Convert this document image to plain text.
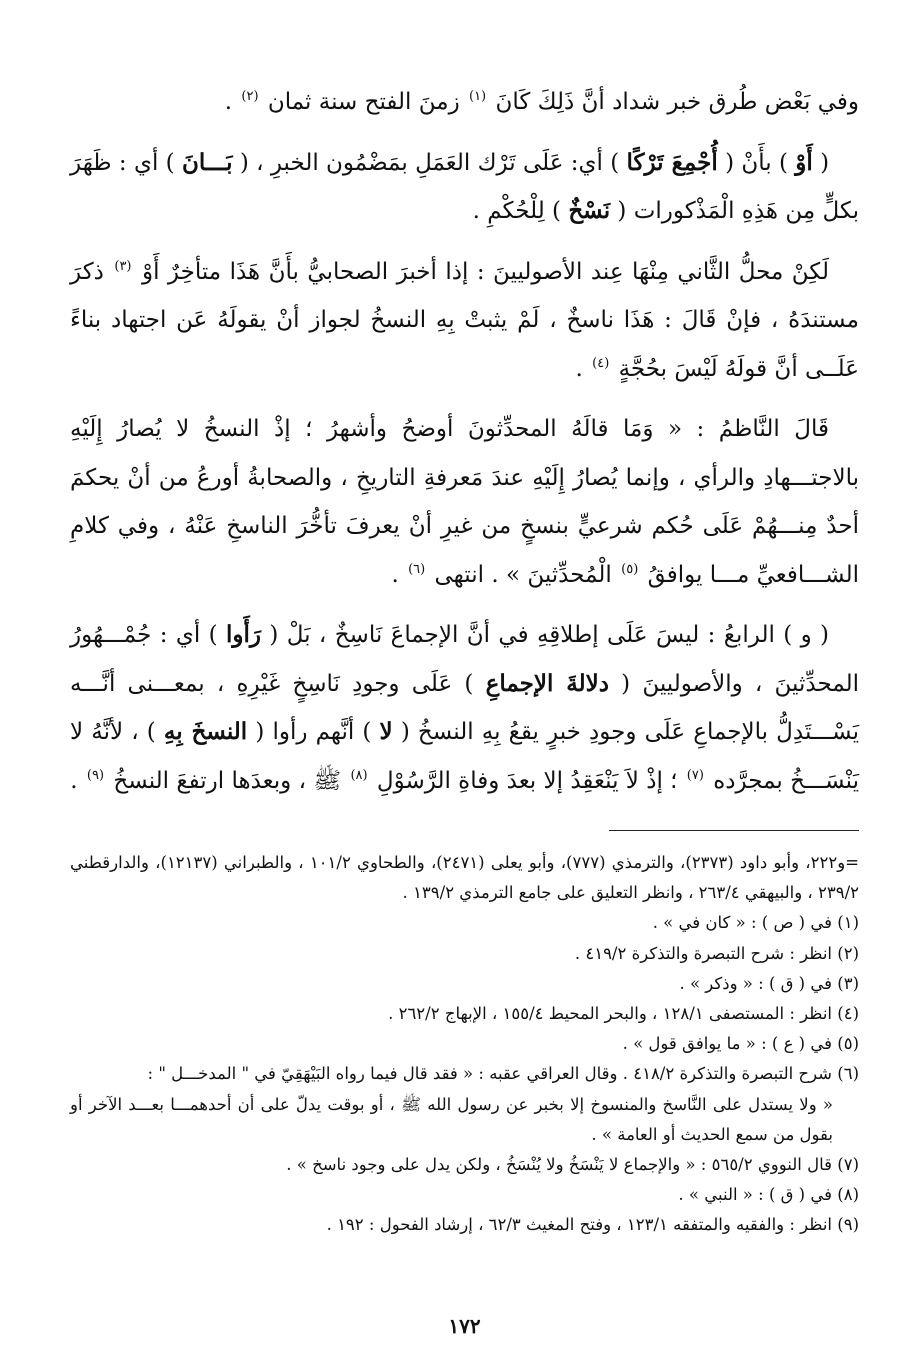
وفي بَعْض طُرق خبر شداد أنَّ ذَلِكَ كَانَ $^{(١)}$ زمنَ الفتح سنة ثمان $^{(٢)}$ .

( أَوْ ) بأَنْ ( أُجْمِعَ تَرْكًا ) أي: عَلَى تَرْك العَمَلِ بمَضْمُون الخبرِ ، ( بَـــانَ ) أي : ظَهَرَ بكلٍّ مِن هَذِهِ الْمَذْكورات ( نَسْخٌ ) لِلْحُكْمِ .

لَكِنْ محلُّ الثَّاني مِنْهَا عِند الأصوليينَ : إذا أخبرَ الصحابيُّ بأَنَّ هَذَا متأخِرٌ أَوْ $^{(٣)}$ ذكرَ مستندَهُ ، فإنْ قَالَ : هَذَا ناسخٌ ، لَمْ يثبتْ بِهِ النسخُ لجواز أنْ يقولَهُ عَن اجتهاد بناءً عَلَــى أنَّ قولَهُ لَيْسَ بحُجَّةٍ $^{(٤)}$ .

قَالَ النَّاظمُ : « وَمَا قالَهُ المحدِّثونَ أوضحُ وأشهرُ ؛ إذْ النسخُ لا يُصارُ إِلَيْهِ بالاجتـــهادِ والرأي ، وإنما يُصارُ إِلَيْهِ عندَ مَعرفةِ التاريخِ ، والصحابةُ أورعُ من أنْ يحكمَ أحدٌ مِنـــهُمْ عَلَى حُكم شرعيٍّ بنسخٍ من غيرِ أنْ يعرفَ تأخُّرَ الناسخِ عَنْهُ ، وفي كلامِ الشـــافعيِّ مـــا يوافقُ $^{(٥)}$ الْمُحدِّثينَ » . انتهى $^{(٦)}$ .

( و ) الرابعُ : ليسَ عَلَى إطلاقِهِ في أنَّ الإجماعَ نَاسِخٌ ، بَلْ ( رَأَوا ) أي : جُمْـــهُورُ المحدِّثينَ ، والأصوليينَ ( دلالةَ الإجماعِ ) عَلَى وجودِ نَاسِخٍ غَيْرِهِ ، بمعـــنى أنَّـــه يَسْـــتَدِلُّ بالإجماعِ عَلَى وجودِ خبرٍ يقعُ بِهِ النسخُ ( لا ) أنَّهم رأوا ( النسخَ بِهِ ) ، لأنَّهُ لا يَنْسَـــخُ بمجرَّده $^{(٧)}$ ؛ إذْ لاَ يَنْعَقِدُ إلا بعدَ وفاةِ الرَّسُوْلِ $^{(٨)}$ ﷺ ، وبعدَها ارتفعَ النسخُ $^{(٩)}$ .

=و٢٢٢، وأبو داود (٢٣٧٣)، والترمذي (٧٧٧)، وأبو يعلى (٢٤٧١)، والطحاوي ١٠١/٢ ، والطبراني (١٢١٣٧)، والدارقطني ٢٣٩/٢ ، والبيهقي ٢٦٣/٤ ، وانظر التعليق على جامع الترمذي ١٣٩/٢ .

(١) في ( ص ) : « كان في » .
(٢) انظر : شرح التبصرة والتذكرة ٤١٩/٢ .
(٣) في ( ق ) : « وذكر » .
(٤) انظر : المستصفى ١٢٨/١ ، والبحر المحيط ١٥٥/٤ ، الإبهاج ٢٦٢/٢ .
(٥) في ( ع ) : « ما يوافق قول » .
(٦) شرح التبصرة والتذكرة ٤١٨/٢ . وقال العراقي عقبه : « فقد قال فيما رواه البَيْهَقِيّ في " المدخـــل " :
« ولا يستدل على النَّاسخ والمنسوخ إلا بخبر عن رسول الله ﷺ ، أو بوقت يدلّ على أن أحدهمـــا بعـــد الآخر أو بقول من سمع الحديث أو العامة » .
(٧) قال النووي ٥٦٥/٢ : « والإجماع لا يَنْسَخُ ولا يُنْسَخُ ، ولكن يدل على وجود ناسخ » .
(٨) في ( ق ) : « النبي » .
(٩) انظر : والفقيه والمتفقه ١٢٣/١ ، وفتح المغيث ٦٢/٣ ، إرشاد الفحول : ١٩٢ .
١٧٢
